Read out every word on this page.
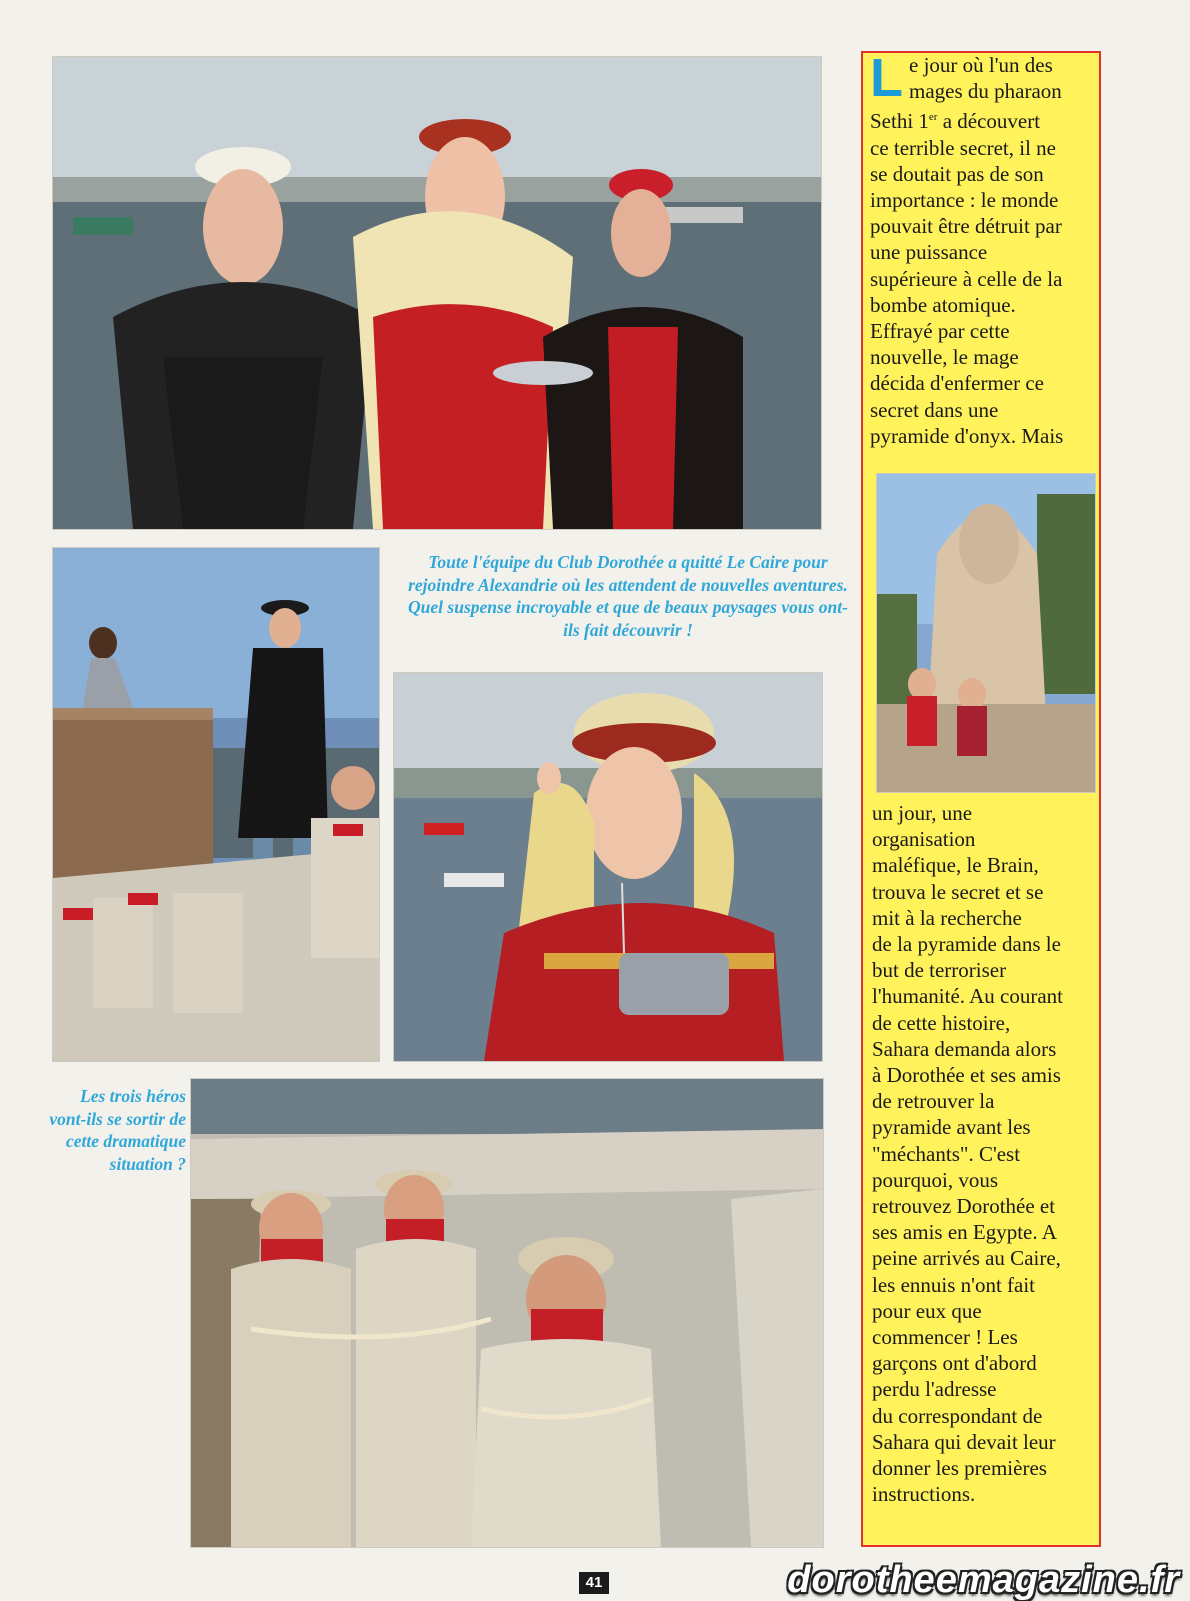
Toute l'équipe du Club Dorothée a quitté Le Caire pour rejoindre Alexandrie où les attendent de nouvelles aventures. Quel suspense incroyable et que de beaux paysages vous ont-ils fait découvrir !
Les trois héros vont-ils se sortir de cette dramatique situation ?
L e jour où l'un des
mages du pharaon
Sethi 1er a découvert
ce terrible secret, il ne
se doutait pas de son
importance : le monde
pouvait être détruit par
une puissance
supérieure à celle de la
bombe atomique.
Effrayé par cette
nouvelle, le mage
décida d'enfermer ce
secret dans une
pyramide d'onyx. Mais
un jour, une
organisation
maléfique, le Brain,
trouva le secret et se
mit à la recherche
de la pyramide dans le
but de terroriser
l'humanité. Au courant
de cette histoire,
Sahara demanda alors
à Dorothée et ses amis
de retrouver la
pyramide avant les
"méchants". C'est
pourquoi, vous
retrouvez Dorothée et
ses amis en Egypte. A
peine arrivés au Caire,
les ennuis n'ont fait
pour eux que
commencer ! Les
garçons ont d'abord
perdu l'adresse
du correspondant de
Sahara qui devait leur
donner les premières
instructions.
41	dorotheemagazine.fr
